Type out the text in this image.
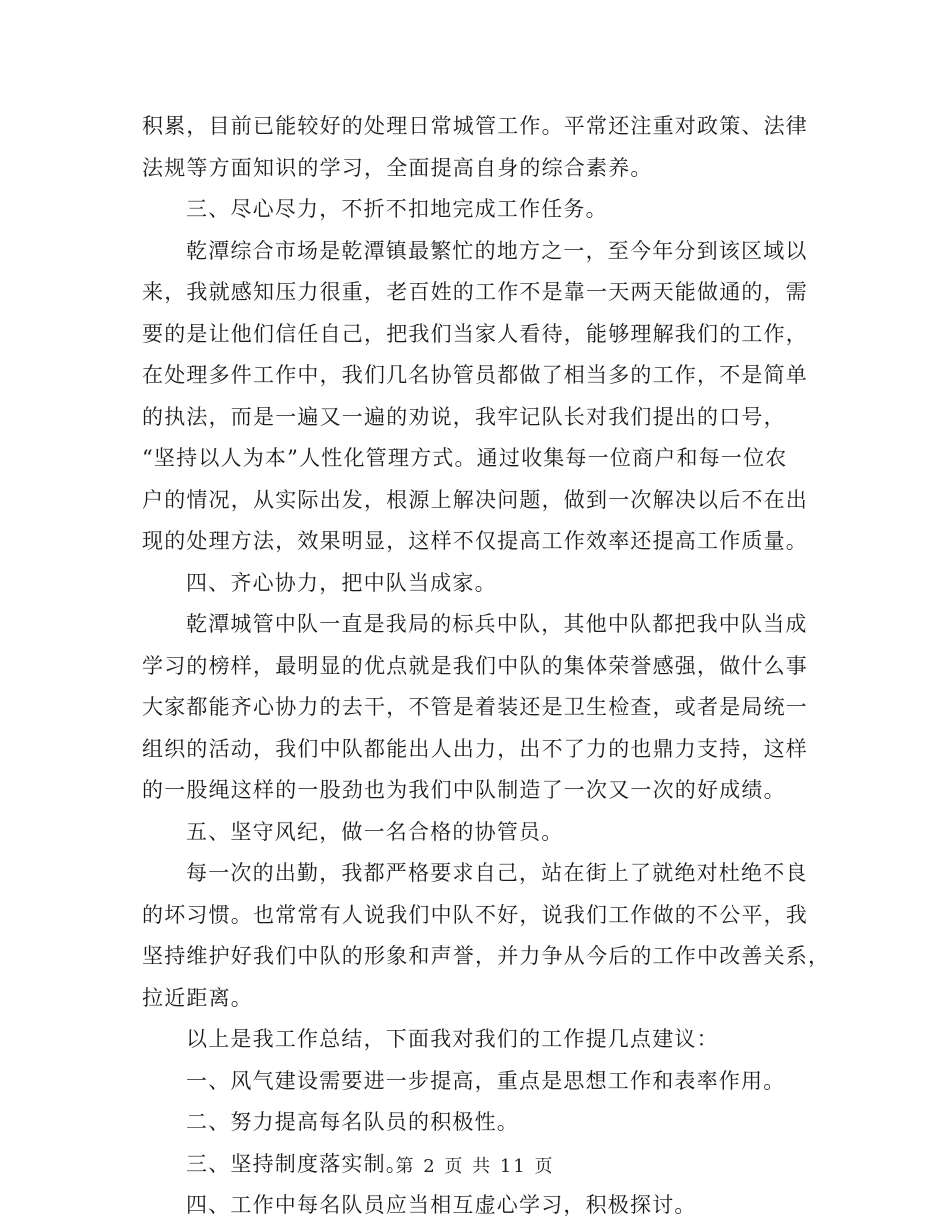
积累，目前已能较好的处理日常城管工作。平常还注重对政策、法律
法规等方面知识的学习，全面提高自身的综合素养。
三、尽心尽力，不折不扣地完成工作任务。
乾潭综合市场是乾潭镇最繁忙的地方之一，至今年分到该区域以
来，我就感知压力很重，老百姓的工作不是靠一天两天能做通的，需
要的是让他们信任自己，把我们当家人看待，能够理解我们的工作，
在处理多件工作中，我们几名协管员都做了相当多的工作，不是简单
的执法，而是一遍又一遍的劝说，我牢记队长对我们提出的口号，
“坚持以人为本”人性化管理方式。通过收集每一位商户和每一位农
户的情况，从实际出发，根源上解决问题，做到一次解决以后不在出
现的处理方法，效果明显，这样不仅提高工作效率还提高工作质量。
四、齐心协力，把中队当成家。
乾潭城管中队一直是我局的标兵中队，其他中队都把我中队当成
学习的榜样，最明显的优点就是我们中队的集体荣誉感强，做什么事
大家都能齐心协力的去干，不管是着装还是卫生检查，或者是局统一
组织的活动，我们中队都能出人出力，出不了力的也鼎力支持，这样
的一股绳这样的一股劲也为我们中队制造了一次又一次的好成绩。
五、坚守风纪，做一名合格的协管员。
每一次的出勤，我都严格要求自己，站在街上了就绝对杜绝不良
的坏习惯。也常常有人说我们中队不好，说我们工作做的不公平，我
坚持维护好我们中队的形象和声誉，并力争从今后的工作中改善关系，
拉近距离。
以上是我工作总结，下面我对我们的工作提几点建议：
一、风气建设需要进一步提高，重点是思想工作和表率作用。
二、努力提高每名队员的积极性。
三、坚持制度落实制。
四、工作中每名队员应当相互虚心学习，积极探讨。
第 2 页 共 11 页
